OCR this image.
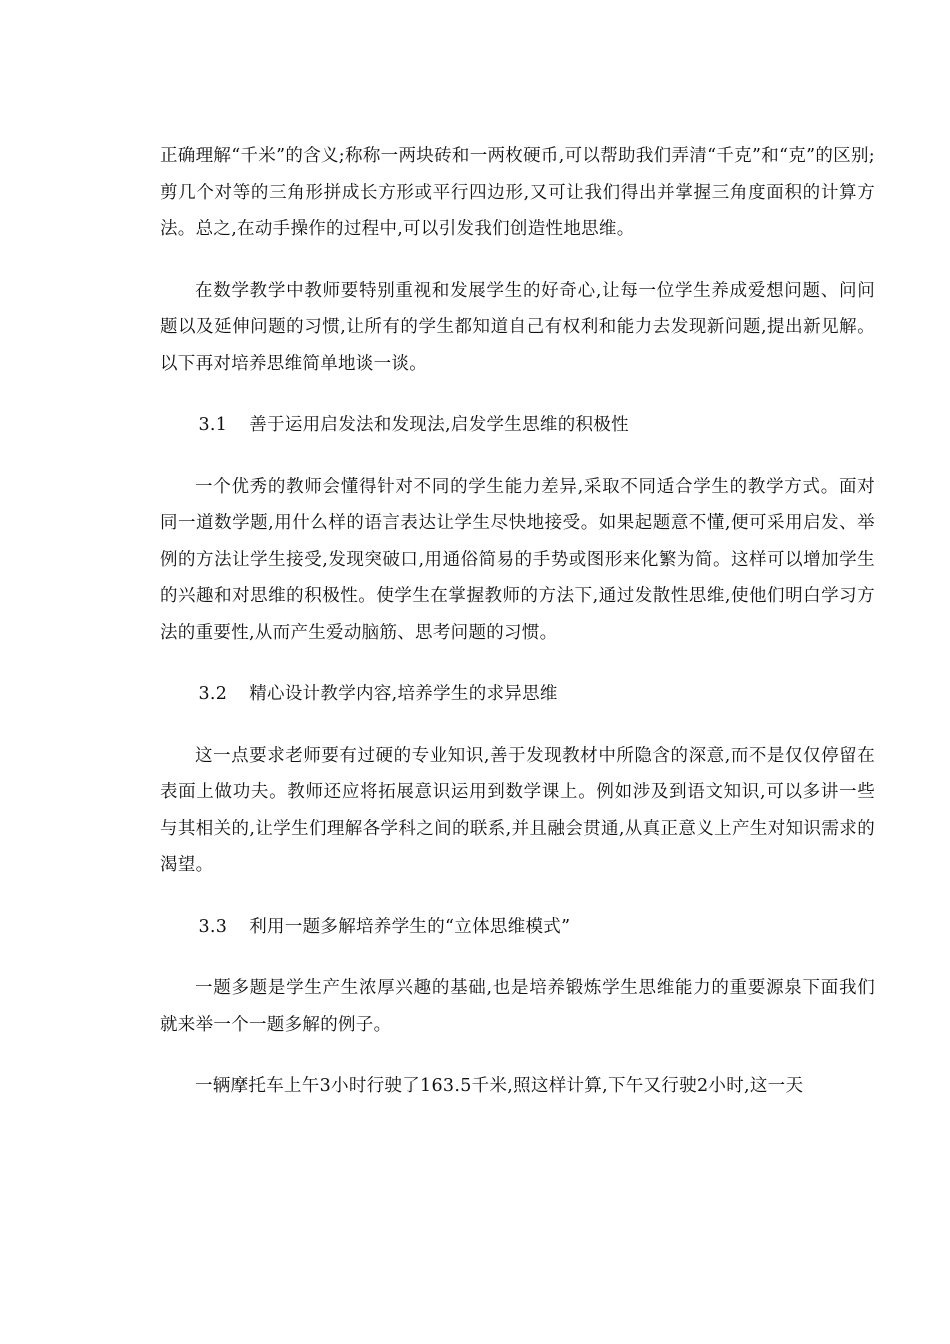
正确理解“千米”的含义;称称一两块砖和一两枚硬币,可以帮助我们弄清“千克”和“克”的区别;剪几个对等的三角形拼成长方形或平行四边形,又可让我们得出并掌握三角度面积的计算方法。总之,在动手操作的过程中,可以引发我们创造性地思维。

在数学教学中教师要特别重视和发展学生的好奇心,让每一位学生养成爱想问题、问问题以及延伸问题的习惯,让所有的学生都知道自己有权利和能力去发现新问题,提出新见解。以下再对培养思维简单地谈一谈。

3.1 善于运用启发法和发现法,启发学生思维的积极性

一个优秀的教师会懂得针对不同的学生能力差异,采取不同适合学生的教学方式。面对同一道数学题,用什么样的语言表达让学生尽快地接受。如果起题意不懂,便可采用启发、举例的方法让学生接受,发现突破口,用通俗简易的手势或图形来化繁为简。这样可以增加学生的兴趣和对思维的积极性。使学生在掌握教师的方法下,通过发散性思维,使他们明白学习方法的重要性,从而产生爱动脑筋、思考问题的习惯。

3.2 精心设计教学内容,培养学生的求异思维

这一点要求老师要有过硬的专业知识,善于发现教材中所隐含的深意,而不是仅仅停留在表面上做功夫。教师还应将拓展意识运用到数学课上。例如涉及到语文知识,可以多讲一些与其相关的,让学生们理解各学科之间的联系,并且融会贯通,从真正意义上产生对知识需求的渴望。

3.3 利用一题多解培养学生的“立体思维模式”

一题多题是学生产生浓厚兴趣的基础,也是培养锻炼学生思维能力的重要源泉下面我们就来举一个一题多解的例子。

一辆摩托车上午3小时行驶了163.5千米,照这样计算,下午又行驶2小时,这一天
